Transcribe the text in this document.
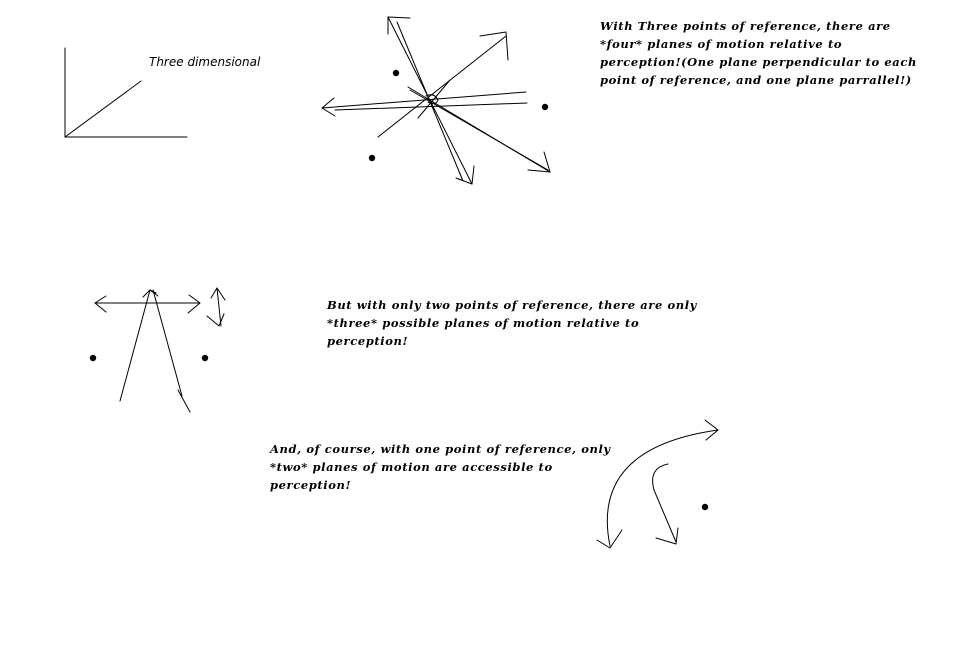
Three dimensional
With Three points of reference, there are
*four* planes of motion relative to
perception!(One plane perpendicular to each
point of reference, and one plane parrallel!)
But with only two points of reference, there are only
*three* possible planes of motion relative to
perception!
And, of course, with one point of reference, only
*two* planes of motion are accessible to
perception!
